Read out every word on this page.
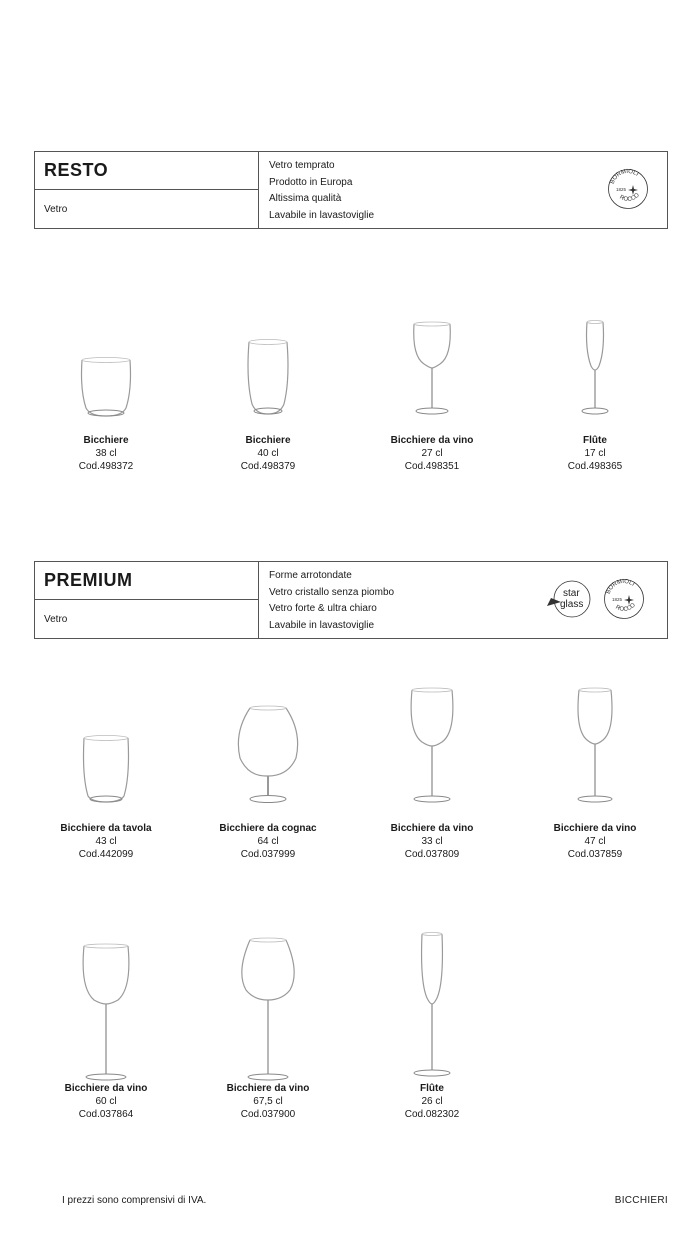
RESTO
Vetro
Vetro temprato
Prodotto in Europa
Altissima qualità
Lavabile in lavastoviglie
BORMIOLI
ROCCO
1825
Bicchiere
38 cl
Cod.498372
Bicchiere
40 cl
Cod.498379
Bicchiere da vino
27 cl
Cod.498351
Flûte
17 cl
Cod.498365
PREMIUM
Vetro
Forme arrotondate
Vetro cristallo senza piombo
Vetro forte & ultra chiaro
Lavabile in lavastoviglie
star
glass
BORMIOLI
ROCCO
1825
Bicchiere da tavola
43 cl
Cod.442099
Bicchiere da cognac
64 cl
Cod.037999
Bicchiere da vino
33 cl
Cod.037809
Bicchiere da vino
47 cl
Cod.037859
Bicchiere da vino
60 cl
Cod.037864
Bicchiere da vino
67,5 cl
Cod.037900
Flûte
26 cl
Cod.082302
I prezzi sono comprensivi di IVA.	BICCHIERI
